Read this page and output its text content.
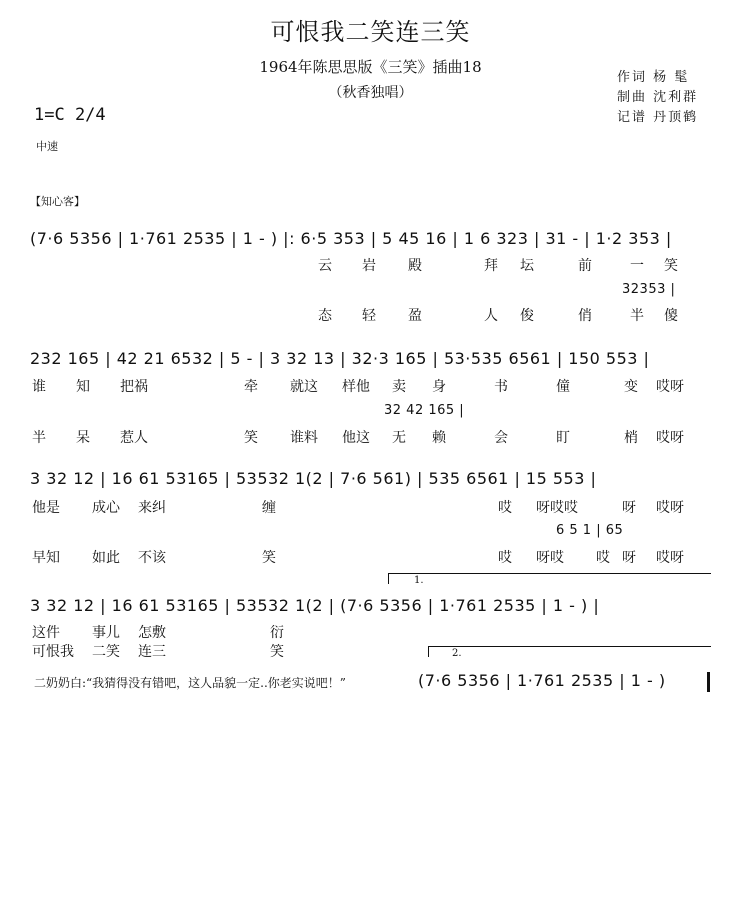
可恨我二笑连三笑
1964年陈思思版《三笑》插曲18
（秋香独唱）
作词 杨 髦
制曲 沈利群
记谱 丹顶鹤
1=C 2/4
中速
【知心客】
(7·6 5356 | 1·761 2535 | 1 - ) |: 6·5 353 | 5 45 16 | 1 6 323 | 31 - | 1·2 353 |
云 岩 殿	拜 坛	前	一 笑
32353 |
态 轻 盈	人 俊	俏	半 傻
232 165 | 42 21 6532 | 5 - | 3 32 13 | 32·3 165 | 53·535 6561 | 150 553 |
谁 知 把祸	牵 就这 样他 卖 身	书	僮	变 哎呀
32 42 165 |
半 呆 惹人	笑 谁料 他这 无 赖	会	盯	梢 哎呀
3 32 12 | 16 61 53165 | 53532 1(2 | 7·6 561) | 535 6561 | 15 553 |
他是 成心 来纠	缠	哎 呀哎哎	呀 哎呀
6 5 1 | 65
早知 如此 不该	笑	哎 呀哎 哎 呀 哎呀
1.
3 32 12 | 16 61 53165 | 53532 1(2 | (7·6 5356 | 1·761 2535 | 1 - ) |
这件 事儿 怎敷	衍
可恨我 二笑 连三	笑	2.
二奶奶白:“我猜得没有错吧，这人品貌一定..你老实说吧！”	(7·6 5356 | 1·761 2535 | 1 - )
